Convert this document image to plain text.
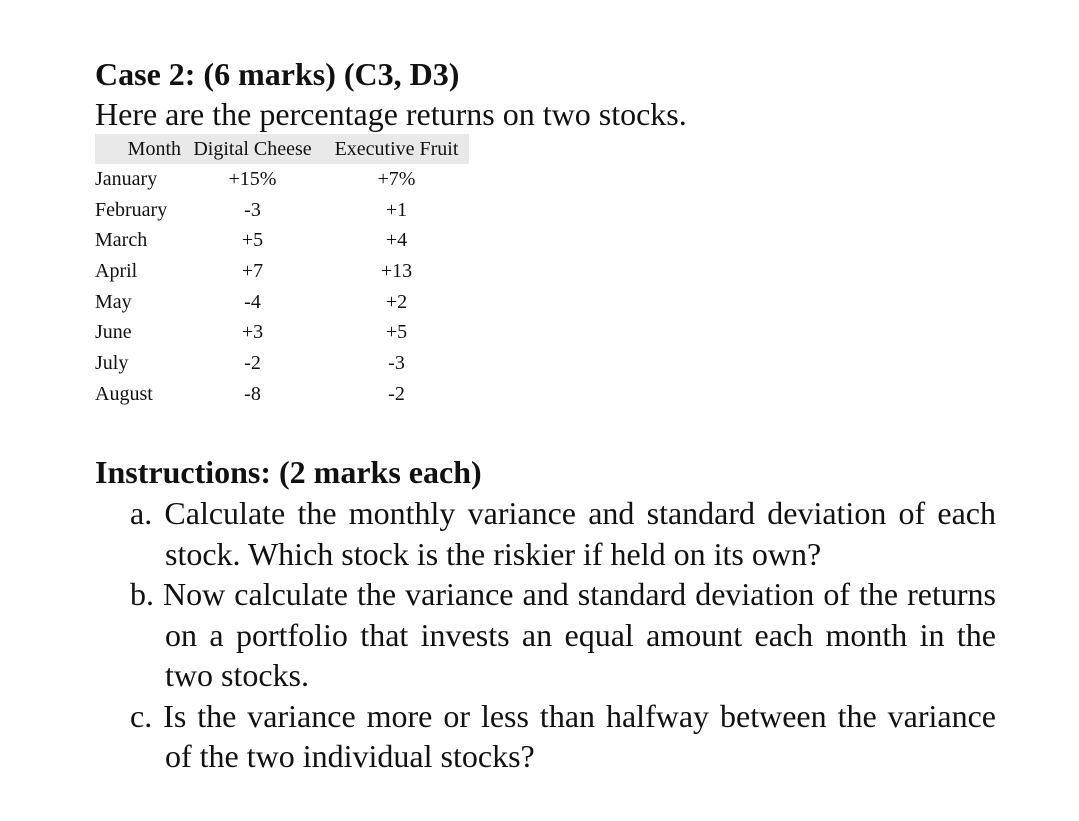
Case 2: (6 marks) (C3, D3)
Here are the percentage returns on two stocks.
Month	Digital Cheese	Executive Fruit
January	+15%	+7%
February	-3	+1
March	+5	+4
April	+7	+13
May	-4	+2
June	+3	+5
July	-2	-3
August	-8	-2
Instructions: (2 marks each)
a. Calculate the monthly variance and standard deviation of each stock. Which stock is the riskier if held on its own?
b. Now calculate the variance and standard deviation of the returns on a portfolio that invests an equal amount each month in the two stocks.
c. Is the variance more or less than halfway between the variance of the two individual stocks?
